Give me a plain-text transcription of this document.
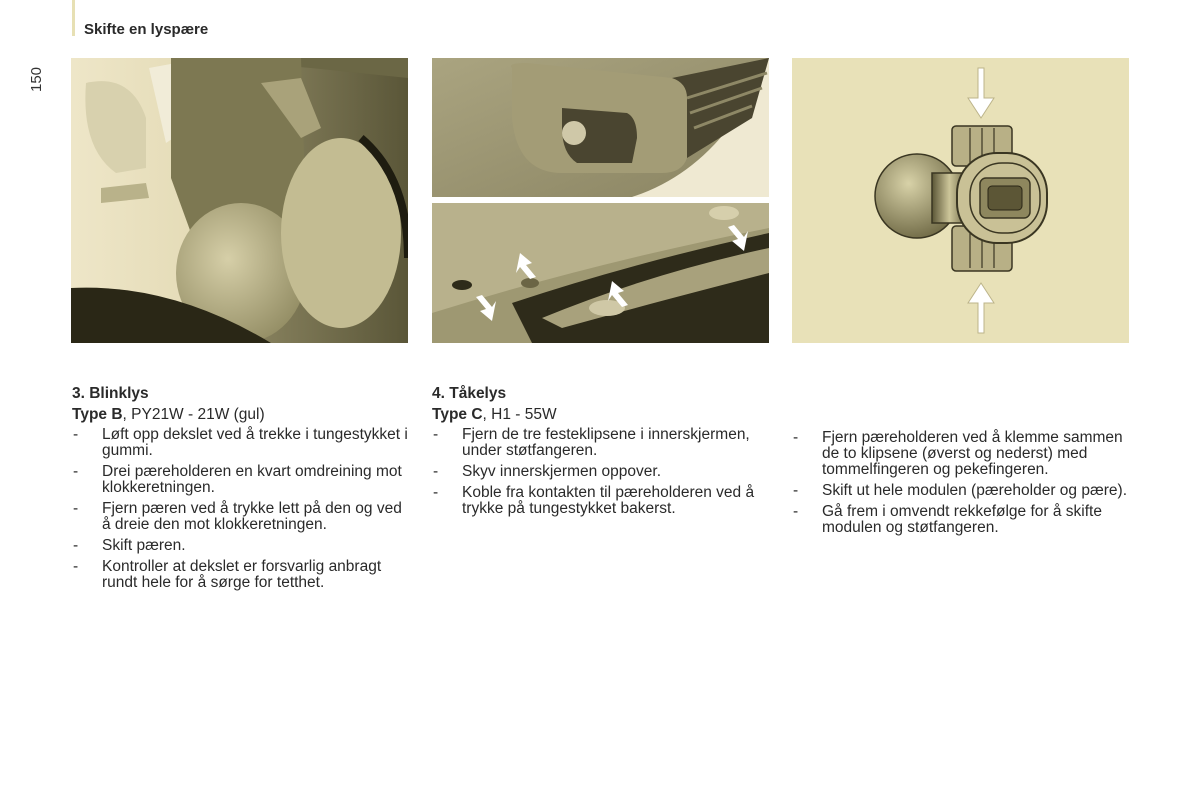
Skifte en lyspære
150
3. Blinklys

Type B, PY21W - 21W (gul)

- Løft opp dekslet ved å trekke i tungestykket i gummi.
- Drei pæreholderen en kvart omdreining mot klokkeretningen.
- Fjern pæren ved å trykke lett på den og ved å dreie den mot klokkeretningen.
- Skift pæren.
- Kontroller at dekslet er forsvarlig anbragt rundt hele for å sørge for tetthet.
4. Tåkelys

Type C, H1 - 55W

- Fjern de tre festeklipsene i innerskjermen, under støtfangeren.
- Skyv innerskjermen oppover.
- Koble fra kontakten til pæreholderen ved å trykke på tungestykket bakerst.
- Fjern pæreholderen ved å klemme sammen de to klipsene (øverst og nederst) med tommelfingeren og pekefingeren.
- Skift ut hele modulen (pæreholder og pære).
- Gå frem i omvendt rekkefølge for å skifte modulen og støtfangeren.
